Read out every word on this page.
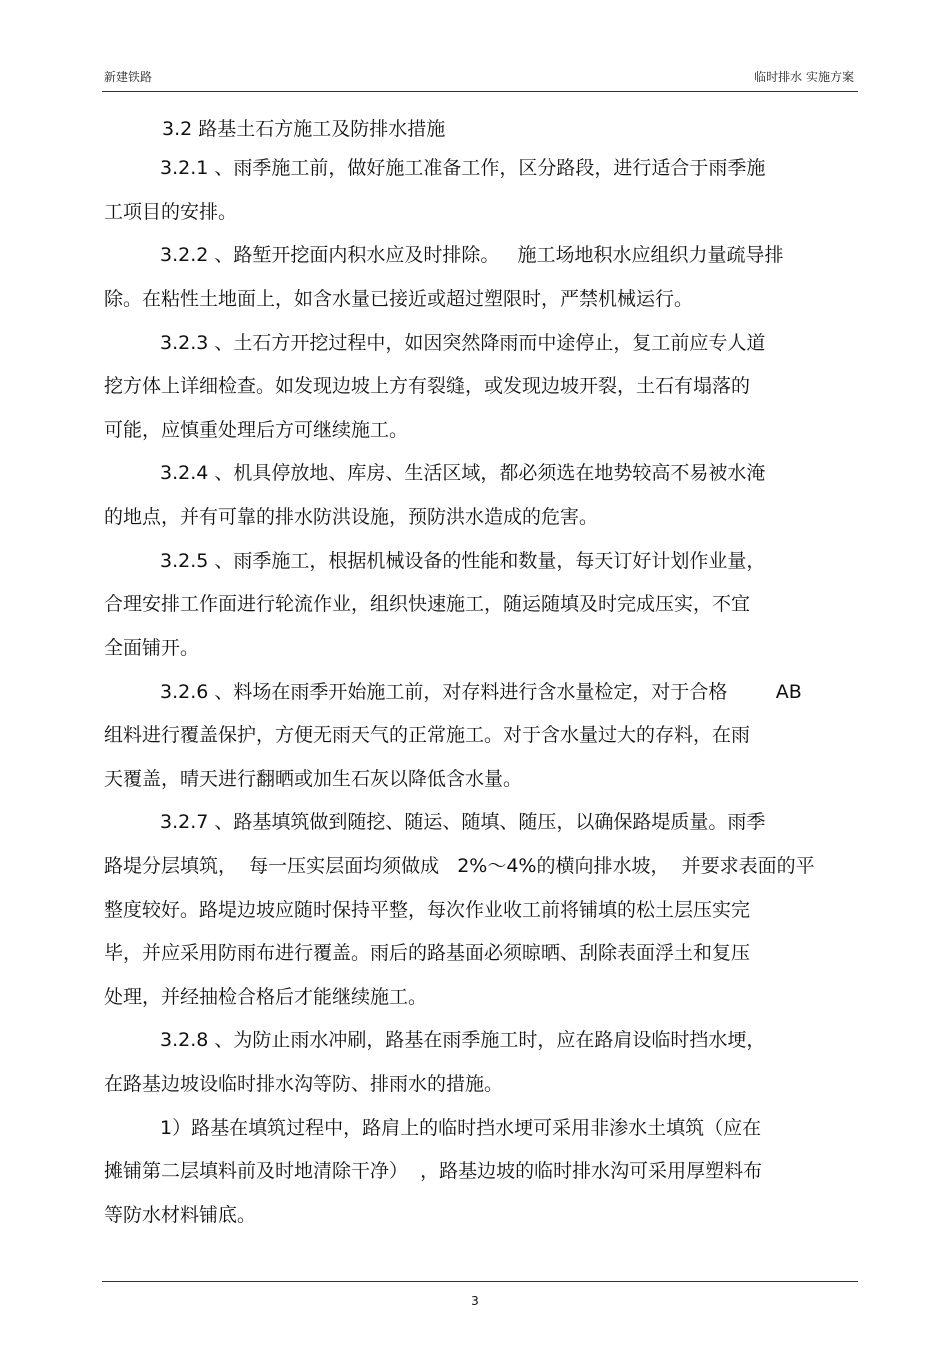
新建铁路	临时排水 实施方案
3.2 路基土石方施工及防排水措施
3.2.1 、雨季施工前，做好施工准备工作，区分路段，进行适合于雨季施
工项目的安排。
3.2.2 、路堑开挖面内积水应及时排除。   施工场地积水应组织力量疏导排
除。在粘性土地面上，如含水量已接近或超过塑限时，严禁机械运行。
3.2.3 、土石方开挖过程中，如因突然降雨而中途停止，复工前应专人道
挖方体上详细检查。如发现边坡上方有裂缝，或发现边坡开裂，土石有塌落的
可能，应慎重处理后方可继续施工。
3.2.4 、机具停放地、库房、生活区域，都必须选在地势较高不易被水淹
的地点，并有可靠的排水防洪设施，预防洪水造成的危害。
3.2.5 、雨季施工，根据机械设备的性能和数量，每天订好计划作业量，
合理安排工作面进行轮流作业，组织快速施工，随运随填及时完成压实，不宜
全面铺开。
3.2.6 、料场在雨季开始施工前，对存料进行含水量检定，对于合格        AB
组料进行覆盖保护，方便无雨天气的正常施工。对于含水量过大的存料，在雨
天覆盖，晴天进行翻晒或加生石灰以降低含水量。
3.2.7 、路基填筑做到随挖、随运、随填、随压，以确保路堤质量。雨季
路堤分层填筑，  每一压实层面均须做成   2%～4%的横向排水坡，  并要求表面的平
整度较好。路堤边坡应随时保持平整，每次作业收工前将铺填的松土层压实完
毕，并应采用防雨布进行覆盖。雨后的路基面必须晾晒、刮除表面浮土和复压
处理，并经抽检合格后才能继续施工。
3.2.8 、为防止雨水冲刷，路基在雨季施工时，应在路肩设临时挡水埂，
在路基边坡设临时排水沟等防、排雨水的措施。
1）路基在填筑过程中，路肩上的临时挡水埂可采用非渗水土填筑（应在
摊铺第二层填料前及时地清除干净）  ，路基边坡的临时排水沟可采用厚塑料布
等防水材料铺底。
3
